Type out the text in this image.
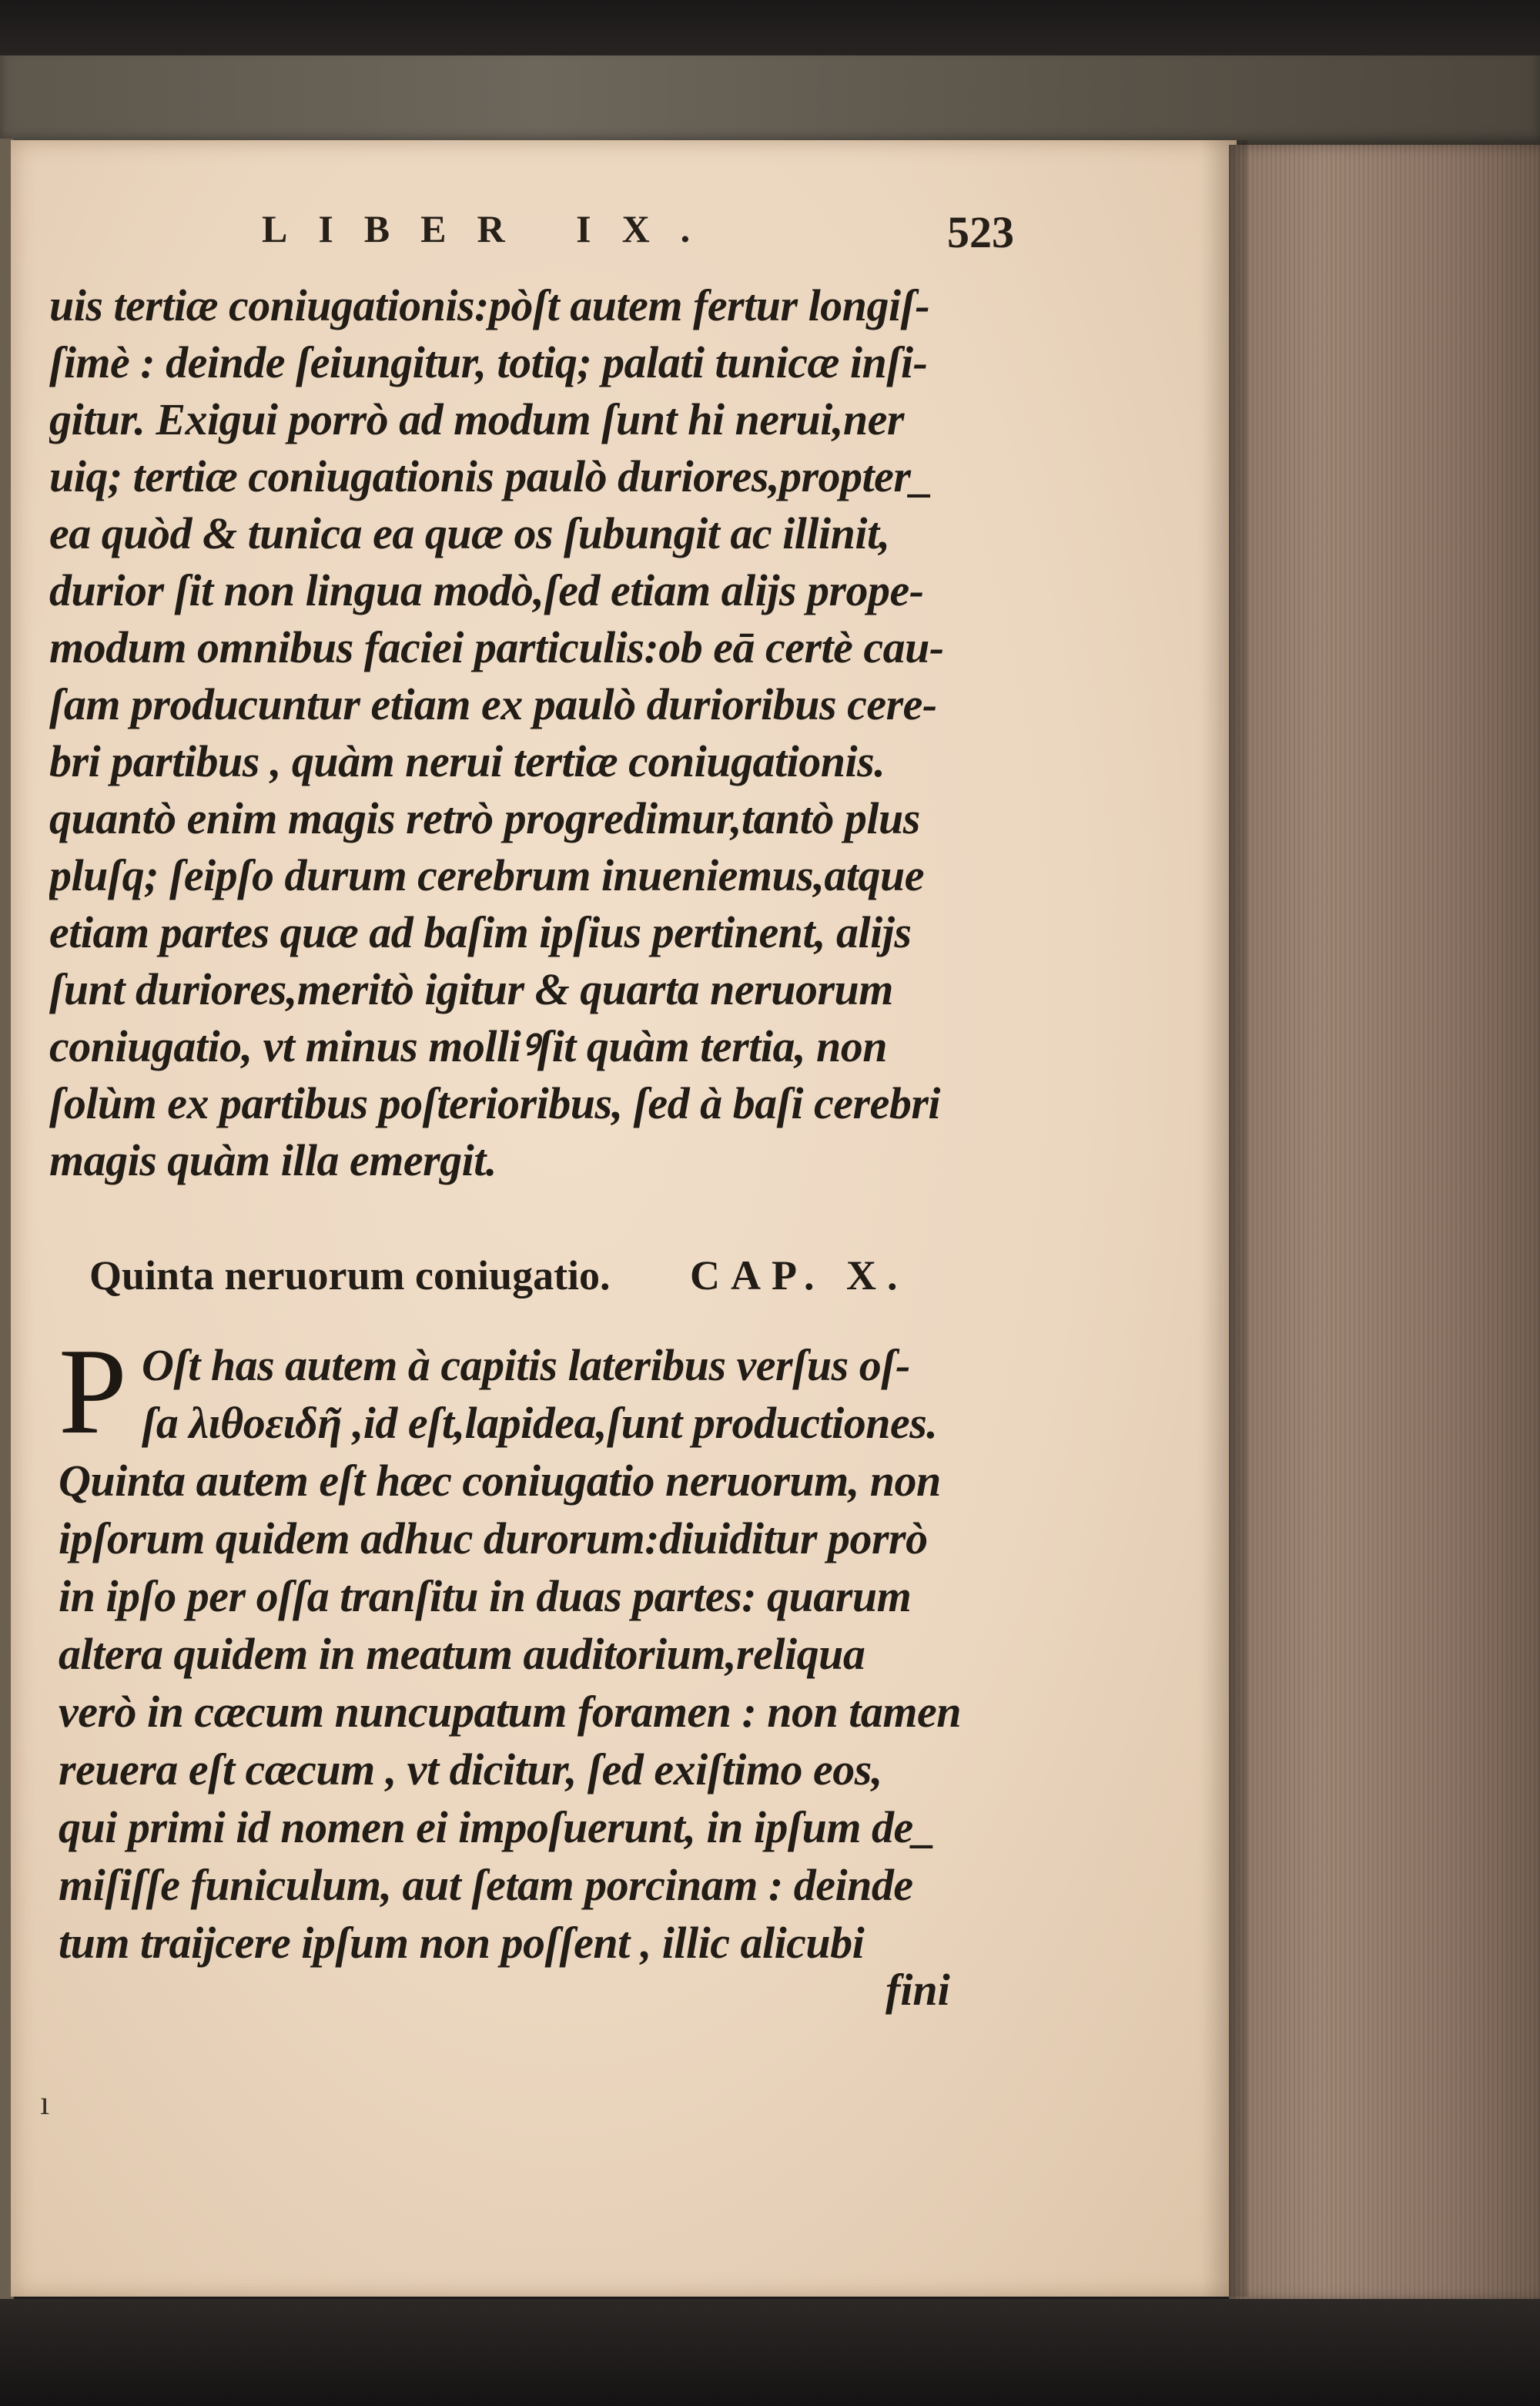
LIBER IX.	523
uis tertiæ coniugationis:pòſt autem fertur longiſ-
ſimè : deinde ſeiungitur, totiq; palati tunicæ inſi-
gitur. Exigui porrò ad modum ſunt hi nerui,ner
uiq; tertiæ coniugationis paulò duriores,propter_
ea quòd & tunica ea quæ os ſubungit ac illinit,
durior ſit non lingua modò,ſed etiam alijs prope-
modum omnibus faciei particulis:ob eā certè cau-
ſam producuntur etiam ex paulò durioribus cere-
bri partibus , quàm nerui tertiæ coniugationis.
quantò enim magis retrò progredimur,tantò plus
pluſq; ſeipſo durum cerebrum inueniemus,atque
etiam partes quæ ad baſim ipſius pertinent, alijs
ſunt duriores,meritò igitur & quarta neruorum
coniugatio, vt minus molliꝰſit quàm tertia, non
ſolùm ex partibus poſterioribus, ſed à baſi cerebri
magis quàm illa emergit.
Quinta neruorum coniugatio. CAP. X.
P Oſt has autem à capitis lateribus verſus oſ-
ſa λιθοειδῆ ,id eſt,lapidea,ſunt productiones.
Quinta autem eſt hæc coniugatio neruorum, non
ipſorum quidem adhuc durorum:diuiditur porrò
in ipſo per oſſa tranſitu in duas partes: quarum
altera quidem in meatum auditorium,reliqua
verò in cæcum nuncupatum foramen : non tamen
reuera eſt cæcum , vt dicitur, ſed exiſtimo eos,
qui primi id nomen ei impoſuerunt, in ipſum de_
miſiſſe funiculum, aut ſetam porcinam : deinde
tum traijcere ipſum non poſſent , illic alicubi
fini
ı
